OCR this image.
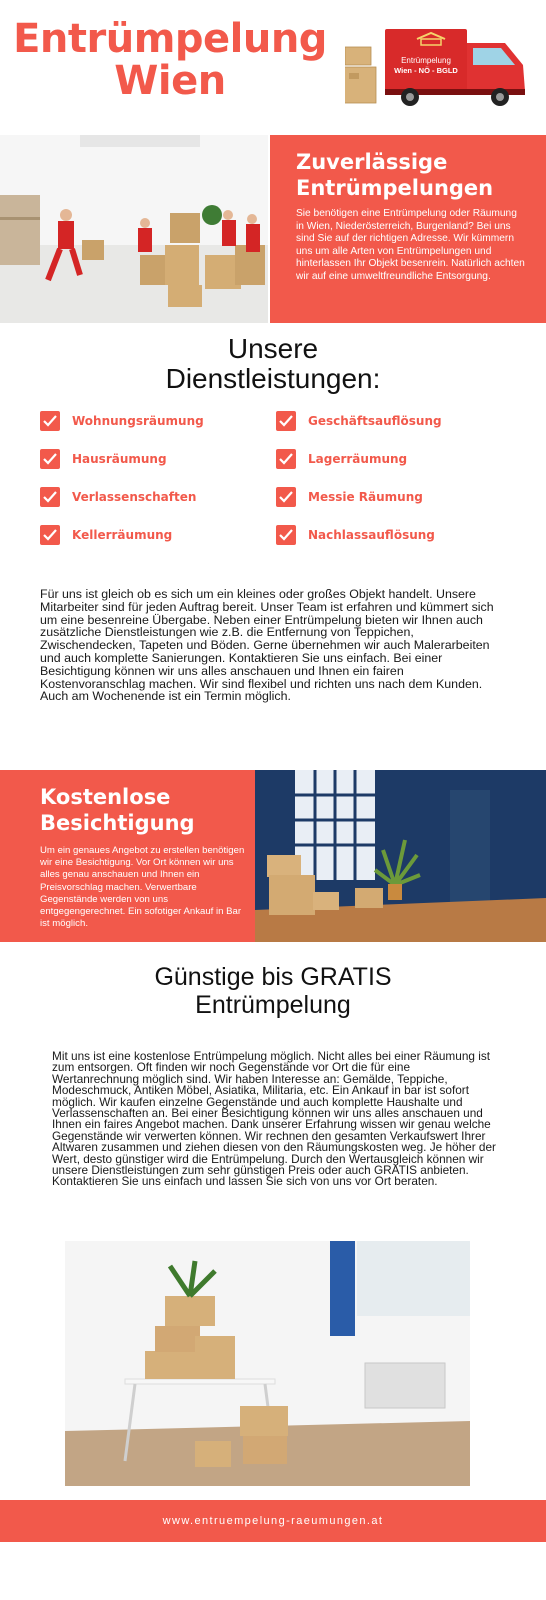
Entrümpelung
Wien	Entrümpelung
Wien - NÖ - BGLD
Zuverlässige
Entrümpelungen

Sie benötigen eine Entrümpelung oder Räumung in Wien, Niederösterreich, Burgenland? Bei uns sind Sie auf der richtigen Adresse. Wir kümmern uns um alle Arten von Entrümpelungen und hinterlassen Ihr Objekt besenrein. Natürlich achten wir auf eine umweltfreundliche Entsorgung.

Unsere
Dienstleistungen:
Wohnungsräumung
Hausräumung
Verlassenschaften
Kellerräumung
Geschäftsauflösung
Lagerräumung
Messie Räumung
Nachlassauflösung

Für uns ist gleich ob es sich um ein kleines oder großes Objekt handelt. Unsere Mitarbeiter sind für jeden Auftrag bereit. Unser Team ist erfahren und kümmert sich um eine besenreine Übergabe. Neben einer Entrümpelung bieten wir Ihnen auch zusätzliche Dienstleistungen wie z.B. die Entfernung von Teppichen, Zwischendecken, Tapeten und Böden. Gerne übernehmen wir auch Malerarbeiten und auch komplette Sanierungen. Kontaktieren Sie uns einfach. Bei einer Besichtigung können wir uns alles anschauen und Ihnen ein fairen Kostenvoranschlag machen. Wir sind flexibel und richten uns nach dem Kunden. Auch am Wochenende ist ein Termin möglich.

Kostenlose
Besichtigung

Um ein genaues Angebot zu erstellen benötigen wir eine Besichtigung. Vor Ort können wir uns alles genau anschauen und Ihnen ein Preisvorschlag machen. Verwertbare Gegenstände werden von uns entgegengerechnet. Ein sofotiger Ankauf in Bar ist möglich.

Günstige bis GRATIS
Entrümpelung

Mit uns ist eine kostenlose Entrümpelung möglich. Nicht alles bei einer Räumung ist zum entsorgen. Oft finden wir noch Gegenstände vor Ort die für eine Wertanrechnung möglich sind. Wir haben Interesse an: Gemälde, Teppiche, Modeschmuck, Antiken Möbel, Asiatika, Militaria, etc. Ein Ankauf in bar ist sofort möglich. Wir kaufen einzelne Gegenstände und auch komplette Haushalte und Verlassenschaften an. Bei einer Besichtigung können wir uns alles anschauen und Ihnen ein faires Angebot machen. Dank unserer Erfahrung wissen wir genau welche Gegenstände wir verwerten können. Wir rechnen den gesamten Verkaufswert Ihrer Altwaren zusammen und ziehen diesen von den Räumungskosten weg. Je höher der Wert, desto günstiger wird die Entrümpelung. Durch den Wertausgleich können wir unsere Dienstleistungen zum sehr günstigen Preis oder auch GRATIS anbieten. Kontaktieren Sie uns einfach und lassen Sie sich von uns vor Ort beraten.

www.entruempelung-raeumungen.at
